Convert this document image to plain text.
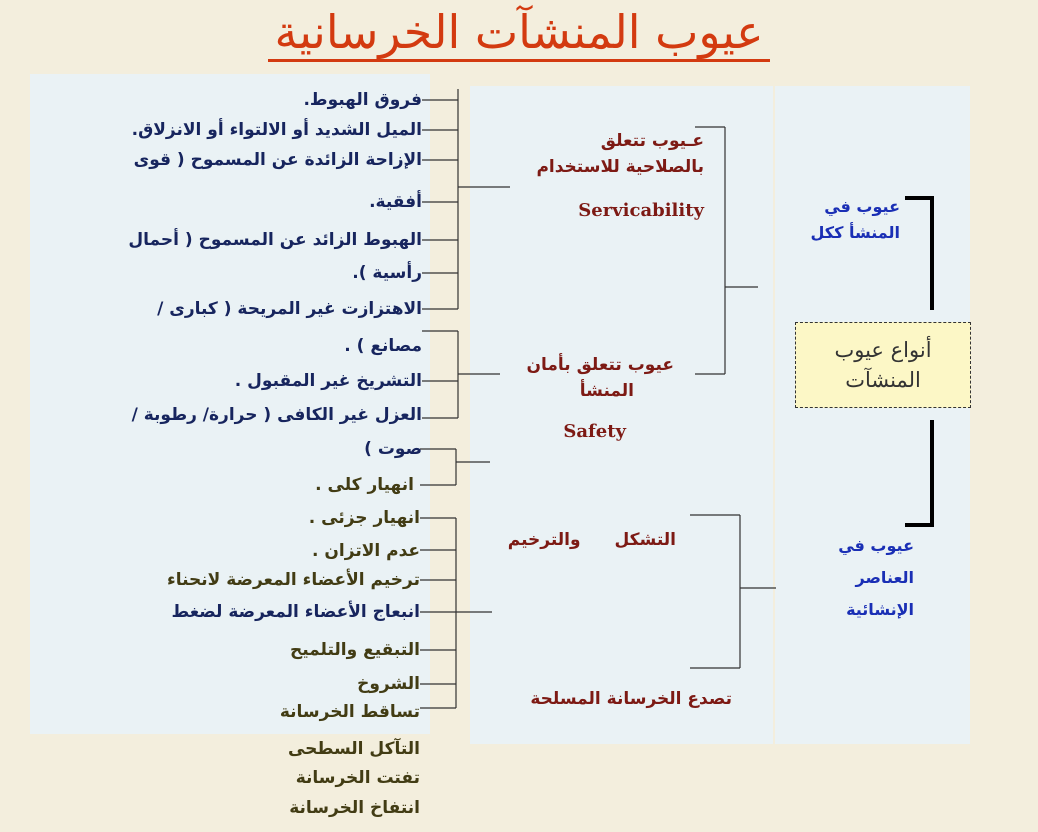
عيوب المنشآت الخرسانية
فروق الهبوط.
الميل الشديد أو الالتواء أو الانزلاق.
الإزاحة الزائدة عن المسموح ( قوى
أفقية.
الهبوط الزائد عن المسموح ( أحمال
رأسية ).
الاهتزازت غير المريحة ( كبارى /
مصانع ) .
التشريخ غير المقبول .
العزل غير الكافى ( حرارة/ رطوبة /
صوت )
انهيار كلى .
انهيار جزئى .
عدم الاتزان .
ترخيم الأعضاء المعرضة لانحناء
انبعاج الأعضاء المعرضة لضغط
التبقيع والتلميح
الشروخ
تساقط الخرسانة
التآكل السطحى
تفتت الخرسانة
انتفاخ الخرسانة
عـيوب تتعلق
بالصلاحية للاستخدام
Servicability
عيوب تتعلق بأمان
المنشأ
Safety
التشكل والترخيم
تصدع الخرسانة المسلحة
عيوب في
المنشأ ككل
عيوب في
العناصر
الإنشائية
أنواع عيوب
المنشآت
